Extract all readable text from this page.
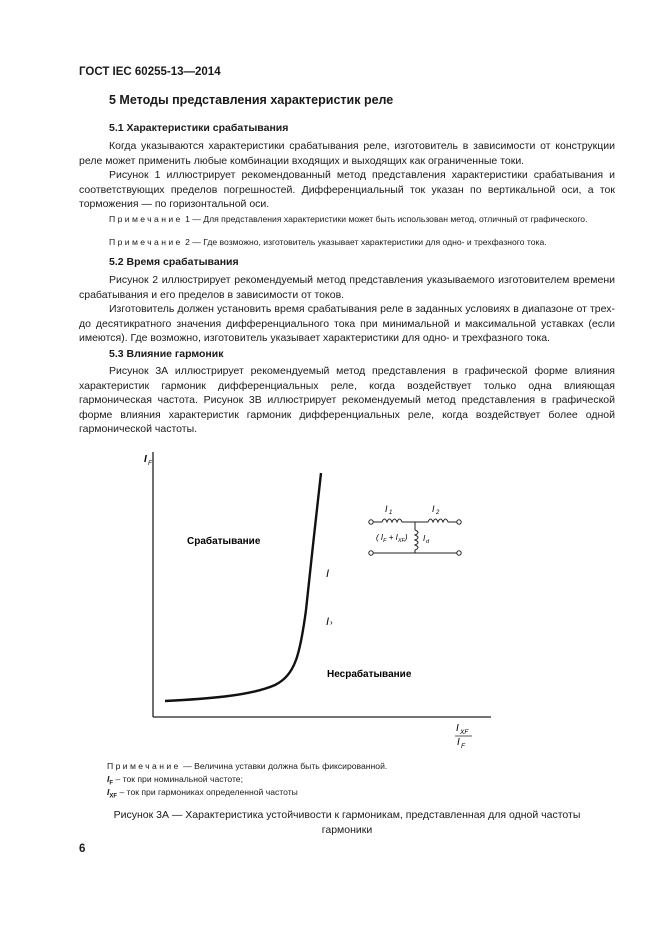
ГОСТ IEC 60255-13—2014
5 Методы представления характеристик реле
5.1 Характеристики срабатывания
Когда указываются характеристики срабатывания реле, изготовитель в зависимости от конструкции реле может применить любые комбинации входящих и выходящих как ограниченные токи.
Рисунок 1 иллюстрирует рекомендованный метод представления характеристики срабатывания и соответствующих пределов погрешностей. Дифференциальный ток указан по вертикальной оси, а ток торможения — по горизонтальной оси.
Примечание 1 — Для представления характеристики может быть использован метод, отличный от графического.
Примечание 2 — Где возможно, изготовитель указывает характеристики для одно- и трехфазного тока.
5.2 Время срабатывания
Рисунок 2 иллюстрирует рекомендуемый метод представления указываемого изготовителем времени срабатывания и его пределов в зависимости от токов.
Изготовитель должен установить время срабатывания реле в заданных условиях в диапазоне от трех- до десятикратного значения дифференциального тока при минимальной и максимальной уставках (если имеются). Где возможно, изготовитель указывает характеристики для одно- и трехфазного тока.
5.3 Влияние гармоник
Рисунок 3А иллюстрирует рекомендуемый метод представления в графической форме влияния характеристик гармоник дифференциальных реле, когда воздействует только одна влияющая гармоническая частота. Рисунок 3В иллюстрирует рекомендуемый метод представления в графической форме влияния характеристик гармоник дифференциальных реле, когда воздействует более одной гармонической частоты.
I F
I XF
I F
Срабатывание
Несрабатывание
I
I ›
I 1	I 2
( $I_F + I_{XF}$) I d
Примечание — Величина уставки должна быть фиксированной.
$I_F$ – ток при номинальной частоте;
$I_{XF}$ – ток при гармониках определенной частоты
Рисунок 3А — Характеристика устойчивости к гармоникам, представленная для одной частоты
гармоники
6
